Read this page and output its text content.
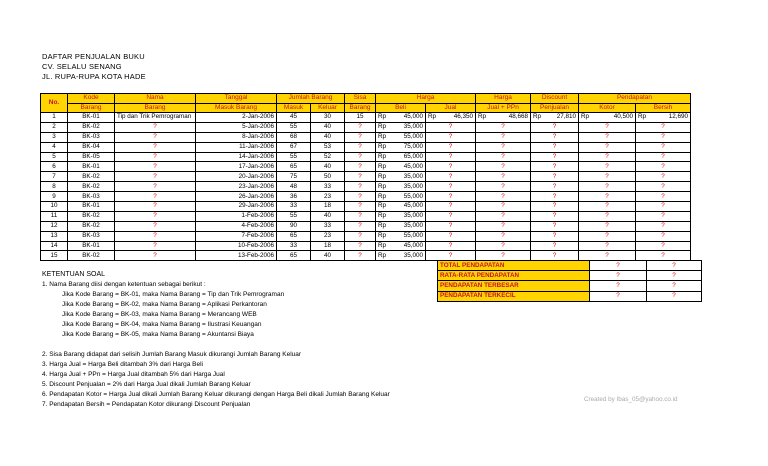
DAFTAR PENJUALAN BUKU
CV. SELALU SENANG
JL. RUPA-RUPA KOTA HADE
No.	Kode	Nama	Tanggal	Jumlah Barang		Sisa	Harga		Harga	Discount	Pendapatan	
	Barang	Barang	Masuk Barang	Masuk	Keluar	Barang	Beli	Jual	Jual + PPn	Penjualan	Kotor	Bersih
1	BK-01	Tip dan Trik Pemrograman	2-Jan-2006	45	30	15	Rp 45,000	Rp 46,350	Rp 48,668	Rp 27,810	Rp 40,500	Rp 12,690

2	BK-02	?	5-Jan-2006	55	40	?	Rp 35,000	?	?	?	?	?
3	BK-03	?	8-Jan-2006	68	40	?	Rp 55,000	?	?	?	?	?
4	BK-04	?	11-Jan-2006	67	53	?	Rp 75,000	?	?	?	?	?
5	BK-05	?	14-Jan-2006	55	52	?	Rp 65,000	?	?	?	?	?
6	BK-01	?	17-Jan-2006	65	40	?	Rp 45,000	?	?	?	?	?
7	BK-02	?	20-Jan-2006	75	50	?	Rp 35,000	?	?	?	?	?
8	BK-02	?	23-Jan-2006	48	33	?	Rp 35,000	?	?	?	?	?
9	BK-03	?	26-Jan-2006	36	23	?	Rp 55,000	?	?	?	?	?
10	BK-01	?	29-Jan-2006	33	18	?	Rp 45,000	?	?	?	?	?
11	BK-02	?	1-Feb-2006	55	40	?	Rp 35,000	?	?	?	?	?
12	BK-02	?	4-Feb-2006	90	33	?	Rp 35,000	?	?	?	?	?
13	BK-03	?	7-Feb-2006	65	23	?	Rp 55,000	?	?	?	?	?
14	BK-01	?	10-Feb-2006	33	18	?	Rp 45,000	?	?	?	?	?
15	BK-02	?	13-Feb-2006	65	40	?	Rp 35,000	?	?	?	?	?
TOTAL PENDAPATAN	?	?
RATA-RATA PENDAPATAN	?	?
PENDAPATAN TERBESAR	?	?
PENDAPATAN TERKECIL	?	?
KETENTUAN SOAL
1. Nama Barang diisi dengan ketentuan sebagai berikut :
Jika Kode Barang = BK-01, maka Nama Barang = Tip dan Trik Pemrograman
Jika Kode Barang = BK-02, maka Nama Barang = Aplikasi Perkantoran
Jika Kode Barang = BK-03, maka Nama Barang = Merancang WEB
Jika Kode Barang = BK-04, maka Nama Barang = Ilustrasi Keuangan
Jika Kode Barang = BK-05, maka Nama Barang = Akuntansi Biaya
2. Sisa Barang didapat dari selisih Jumlah Barang Masuk dikurangi Jumlah Barang Keluar
3. Harga Jual = Harga Beli ditambah 3% dari Harga Beli
4. Harga Jual + PPn = Harga Jual ditambah 5% dari Harga Jual
5. Discount Penjualan = 2% dari Harga Jual dikali Jumlah Barang Keluar
6. Pendapatan Kotor = Harga Jual dikali Jumlah Barang Keluar dikurangi dengan Harga Beli dikali Jumlah Barang Keluar
7. Pendapatan Bersih = Pendapatan Kotor dikurangi Discount Penjualan
Created by Ibas_05@yahoo.co.id
